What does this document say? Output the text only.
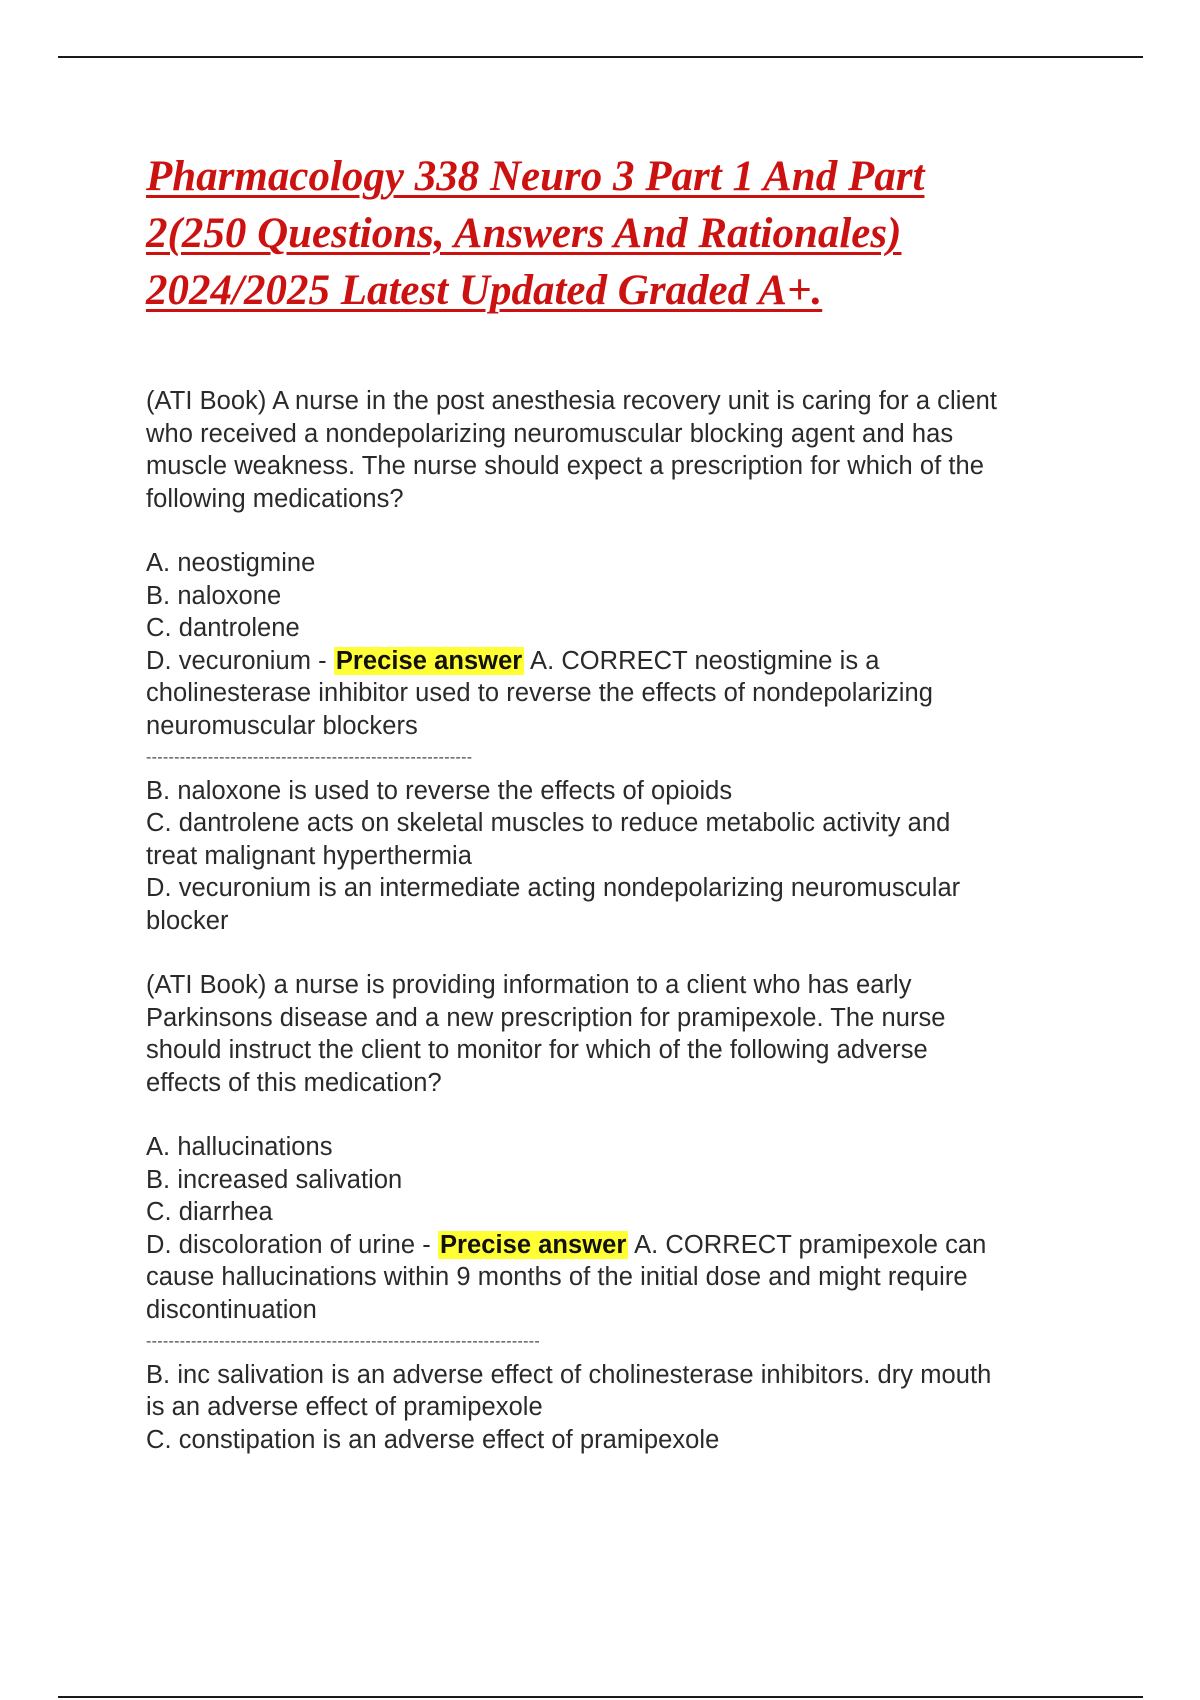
Pharmacology 338 Neuro 3 Part 1 And Part
2(250 Questions, Answers And Rationales)
2024/2025 Latest Updated Graded A+.
(ATI Book) A nurse in the post anesthesia recovery unit is caring for a client
who received a nondepolarizing neuromuscular blocking agent and has
muscle weakness. The nurse should expect a prescription for which of the
following medications?
A. neostigmine
B. naloxone
C. dantrolene
D. vecuronium - Precise answer A. CORRECT neostigmine is a
cholinesterase inhibitor used to reverse the effects of nondepolarizing
neuromuscular blockers
----------------------------------------------------------
B. naloxone is used to reverse the effects of opioids
C. dantrolene acts on skeletal muscles to reduce metabolic activity and
treat malignant hyperthermia
D. vecuronium is an intermediate acting nondepolarizing neuromuscular
blocker
(ATI Book) a nurse is providing information to a client who has early
Parkinsons disease and a new prescription for pramipexole. The nurse
should instruct the client to monitor for which of the following adverse
effects of this medication?
A. hallucinations
B. increased salivation
C. diarrhea
D. discoloration of urine - Precise answer A. CORRECT pramipexole can
cause hallucinations within 9 months of the initial dose and might require
discontinuation
----------------------------------------------------------------------
B. inc salivation is an adverse effect of cholinesterase inhibitors. dry mouth
is an adverse effect of pramipexole
C. constipation is an adverse effect of pramipexole
